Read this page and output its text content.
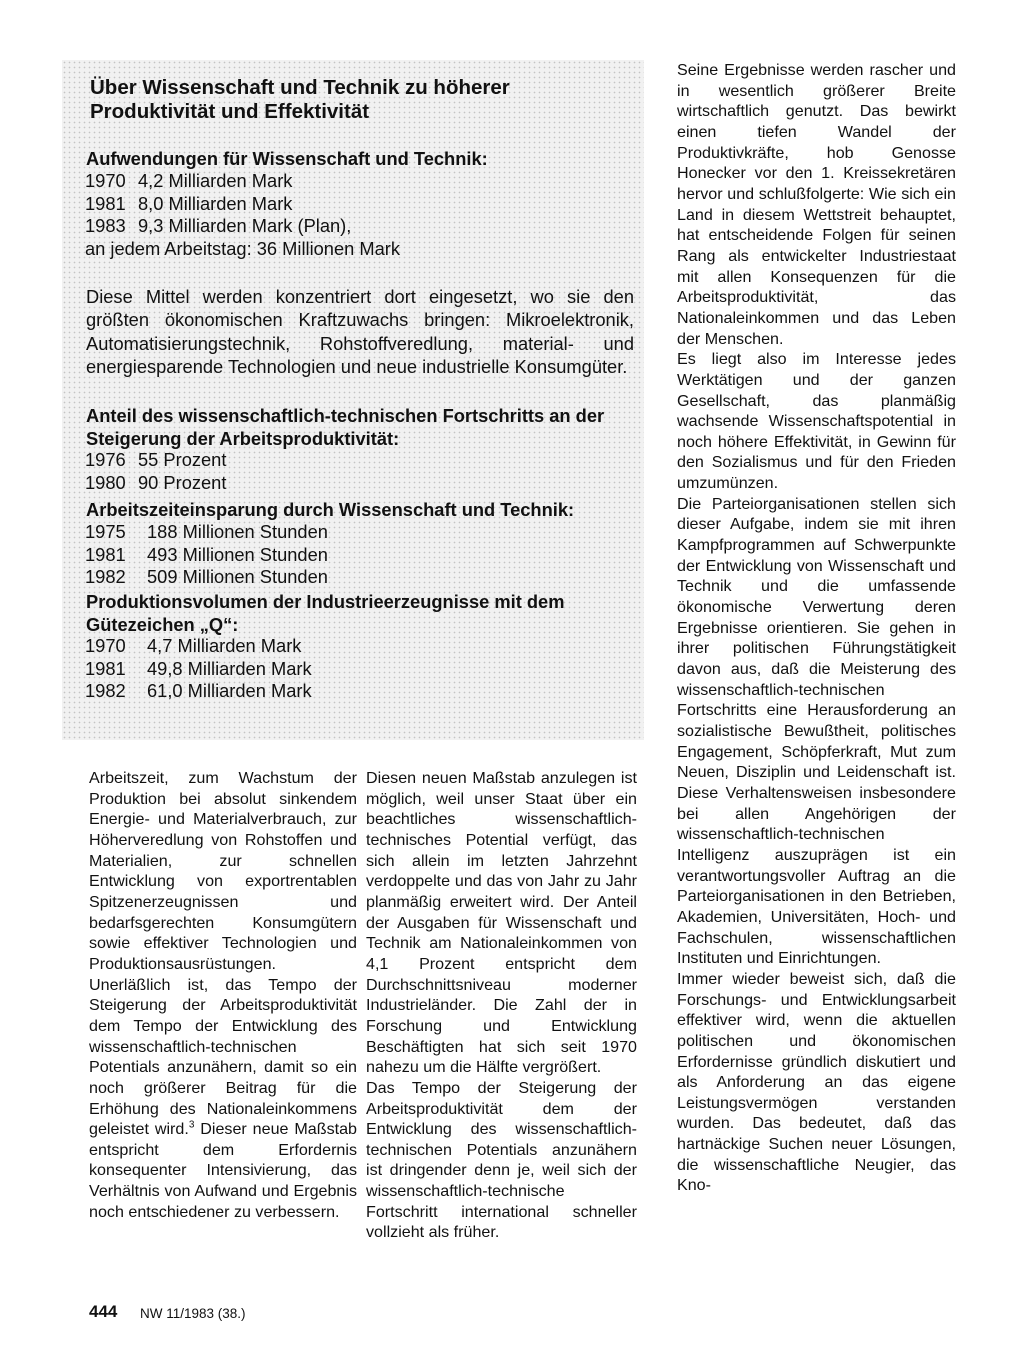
Über Wissenschaft und Technik zu höherer Produktivität und Effektivität
Aufwendungen für Wissenschaft und Technik:
1970 4,2 Milliarden Mark
1981 8,0 Milliarden Mark
1983 9,3 Milliarden Mark (Plan),
an jedem Arbeitstag: 36 Millionen Mark

Diese Mittel werden konzentriert dort eingesetzt, wo sie den größten ökonomischen Kraftzuwachs bringen: Mikroelektronik, Automatisierungstechnik, Rohstoffveredlung, material- und energiesparende Technologien und neue industrielle Konsumgüter.

Anteil des wissenschaftlich-technischen Fortschritts an der Steigerung der Arbeitsproduktivität:
1976 55 Prozent
1980 90 Prozent
Arbeitszeiteinsparung durch Wissenschaft und Technik:
1975 188 Millionen Stunden
1981 493 Millionen Stunden
1982 509 Millionen Stunden
Produktionsvolumen der Industrieerzeugnisse mit dem Gütezeichen „Q“:
1970 4,7 Milliarden Mark
1981 49,8 Milliarden Mark
1982 61,0 Milliarden Mark

Arbeitszeit, zum Wachstum der Produktion bei absolut sinkendem Energie- und Materialverbrauch, zur Höherveredlung von Rohstoffen und Materialien, zur schnellen Entwicklung von exportrentablen Spitzenerzeugnissen und bedarfsgerechten Konsumgütern sowie effektiver Technologien und Produktionsausrüstungen.

Unerläßlich ist, das Tempo der Steigerung der Arbeitsproduktivität dem Tempo der Entwicklung des wissenschaftlich-technischen Potentials anzunähern, damit so ein noch größerer Beitrag für die Erhöhung des Nationaleinkommens geleistet wird.$^3$ Dieser neue Maßstab entspricht dem Erfordernis konsequenter Intensivierung, das Verhältnis von Aufwand und Ergebnis noch entschiedener zu verbessern.

Diesen neuen Maßstab anzulegen ist möglich, weil unser Staat über ein beachtliches wissenschaftlich-technisches Potential verfügt, das sich allein im letzten Jahrzehnt verdoppelte und das von Jahr zu Jahr planmäßig erweitert wird. Der Anteil der Ausgaben für Wissenschaft und Technik am Nationaleinkommen von 4,1 Prozent entspricht dem Durchschnittsniveau moderner Industrieländer. Die Zahl der in Forschung und Entwicklung Beschäftigten hat sich seit 1970 nahezu um die Hälfte vergrößert.

Das Tempo der Steigerung der Arbeitsproduktivität dem der Entwicklung des wissenschaftlich-technischen Potentials anzunähern ist dringender denn je, weil sich der wissenschaftlich-technische Fortschritt international schneller vollzieht als früher.

Seine Ergebnisse werden rascher und in wesentlich größerer Breite wirtschaftlich genutzt. Das bewirkt einen tiefen Wandel der Produktivkräfte, hob Genosse Honecker vor den 1. Kreissekretären hervor und schlußfolgerte: Wie sich ein Land in diesem Wettstreit behauptet, hat entscheidende Folgen für seinen Rang als entwickelter Industriestaat mit allen Konsequenzen für die Arbeitsproduktivität, das Nationaleinkommen und das Leben der Menschen.

Es liegt also im Interesse jedes Werktätigen und der ganzen Gesellschaft, das planmäßig wachsende Wissenschaftspotential in noch höhere Effektivität, in Gewinn für den Sozialismus und für den Frieden umzumünzen.

Die Parteiorganisationen stellen sich dieser Aufgabe, indem sie mit ihren Kampfprogrammen auf Schwerpunkte der Entwicklung von Wissenschaft und Technik und die umfassende ökonomische Verwertung deren Ergebnisse orientieren. Sie gehen in ihrer politischen Führungstätigkeit davon aus, daß die Meisterung des wissenschaftlich-technischen Fortschritts eine Herausforderung an sozialistische Bewußtheit, politisches Engagement, Schöpferkraft, Mut zum Neuen, Disziplin und Leidenschaft ist. Diese Verhaltensweisen insbesondere bei allen Angehörigen der wissenschaftlich-technischen Intelligenz auszuprägen ist ein verantwortungsvoller Auftrag an die Parteiorganisationen in den Betrieben, Akademien, Universitäten, Hoch- und Fachschulen, wissenschaftlichen Instituten und Einrichtungen.

Immer wieder beweist sich, daß die Forschungs- und Entwicklungsarbeit effektiver wird, wenn die aktuellen politischen und ökonomischen Erfordernisse gründlich diskutiert und als Anforderung an das eigene Leistungsvermögen verstanden wurden. Das bedeutet, daß das hartnäckige Suchen neuer Lösungen, die wissenschaftliche Neugier, das Kno-

444 NW 11/1983 (38.)
